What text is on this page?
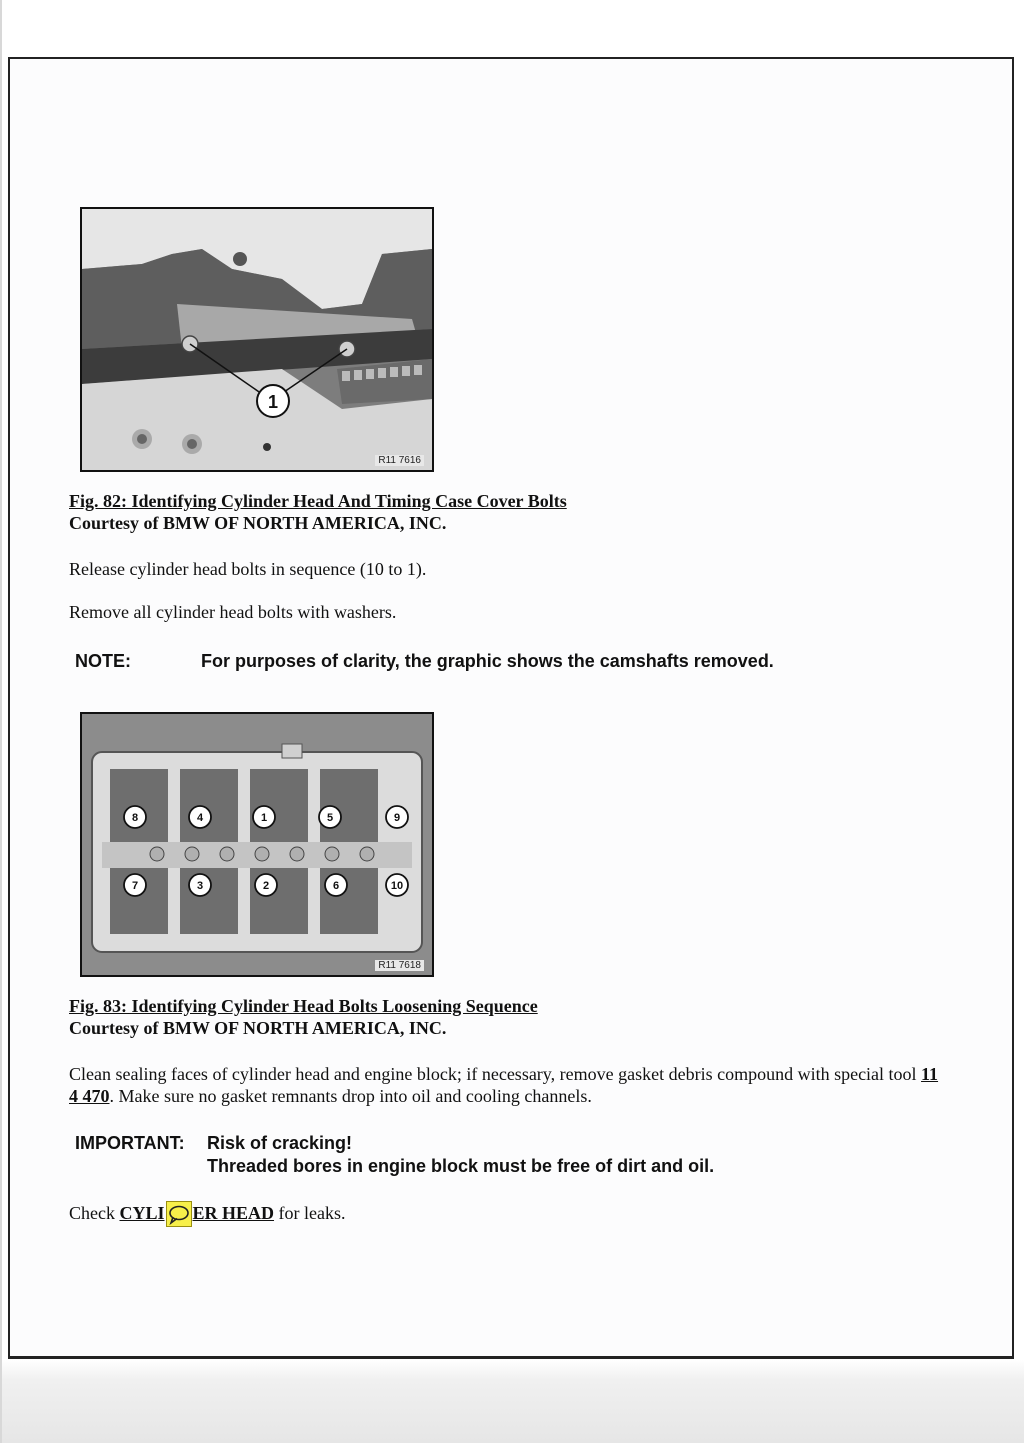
1
R11 7616
Fig. 82: Identifying Cylinder Head And Timing Case Cover Bolts
Courtesy of BMW OF NORTH AMERICA, INC.
Release cylinder head bolts in sequence (10 to 1).
Remove all cylinder head bolts with washers.
NOTE:	For purposes of clarity, the graphic shows the camshafts removed.
8	4	1	5	9
7	3	2	6	10
R11 7618
Fig. 83: Identifying Cylinder Head Bolts Loosening Sequence
Courtesy of BMW OF NORTH AMERICA, INC.
Clean sealing faces of cylinder head and engine block; if necessary, remove gasket debris compound with special tool 11 4 470. Make sure no gasket remnants drop into oil and cooling channels.
IMPORTANT: Risk of cracking!
Threaded bores in engine block must be free of dirt and oil.
Check CYLI ER HEAD for leaks.
